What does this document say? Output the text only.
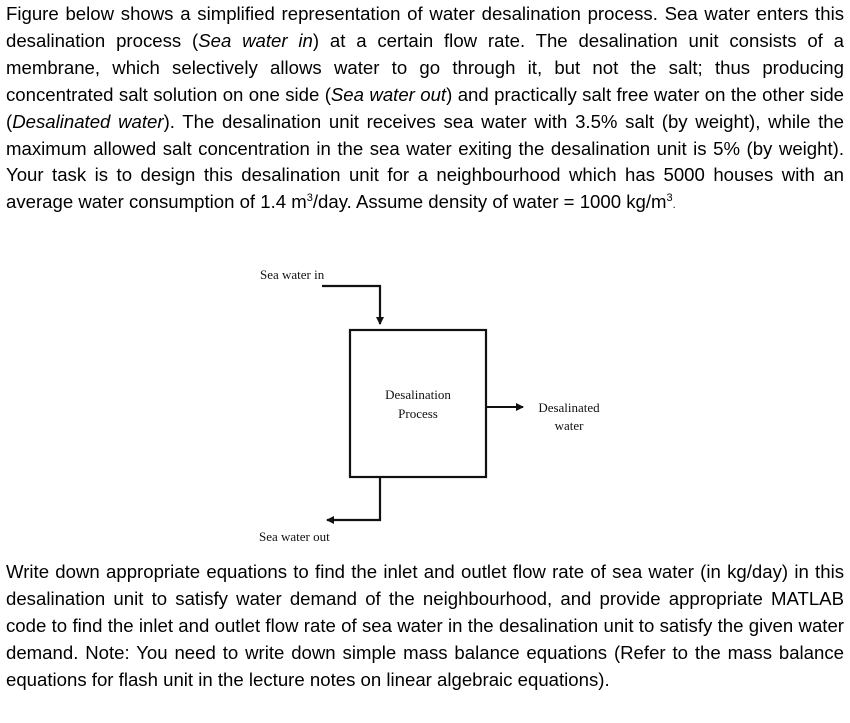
Figure below shows a simplified representation of water desalination process. Sea water enters this desalination process (Sea water in) at a certain flow rate. The desalination unit consists of a membrane, which selectively allows water to go through it, but not the salt; thus producing concentrated salt solution on one side (Sea water out) and practically salt free water on the other side (Desalinated water). The desalination unit receives sea water with 3.5% salt (by weight), while the maximum allowed salt concentration in the sea water exiting the desalination unit is 5% (by weight). Your task is to design this desalination unit for a neighbourhood which has 5000 houses with an average water consumption of 1.4 $m^3$/day. Assume density of water = 1000 $kg/m^3$.

Sea water in
Desalination
Process	Desalinated
water
Sea water out

Write down appropriate equations to find the inlet and outlet flow rate of sea water (in kg/day) in this desalination unit to satisfy water demand of the neighbourhood, and provide appropriate MATLAB code to find the inlet and outlet flow rate of sea water in the desalination unit to satisfy the given water demand. Note: You need to write down simple mass balance equations (Refer to the mass balance equations for flash unit in the lecture notes on linear algebraic equations).
